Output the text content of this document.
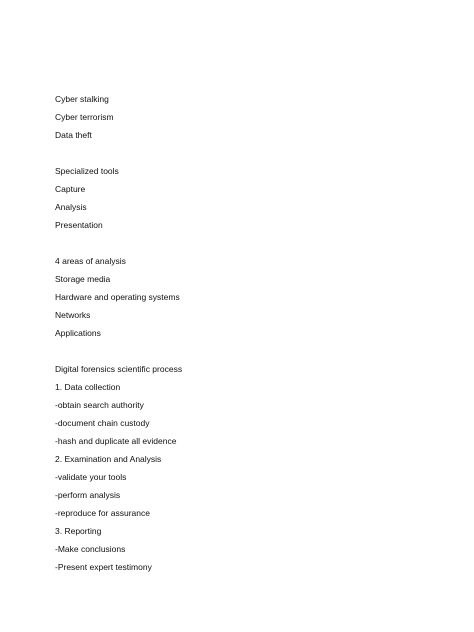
Cyber stalking
Cyber terrorism
Data theft
Specialized tools
Capture
Analysis
Presentation
4 areas of analysis
Storage media
Hardware and operating systems
Networks
Applications
Digital forensics scientific process
1. Data collection
-obtain search authority
-document chain custody
-hash and duplicate all evidence
2. Examination and Analysis
-validate your tools
-perform analysis
-reproduce for assurance
3. Reporting
-Make conclusions
-Present expert testimony
